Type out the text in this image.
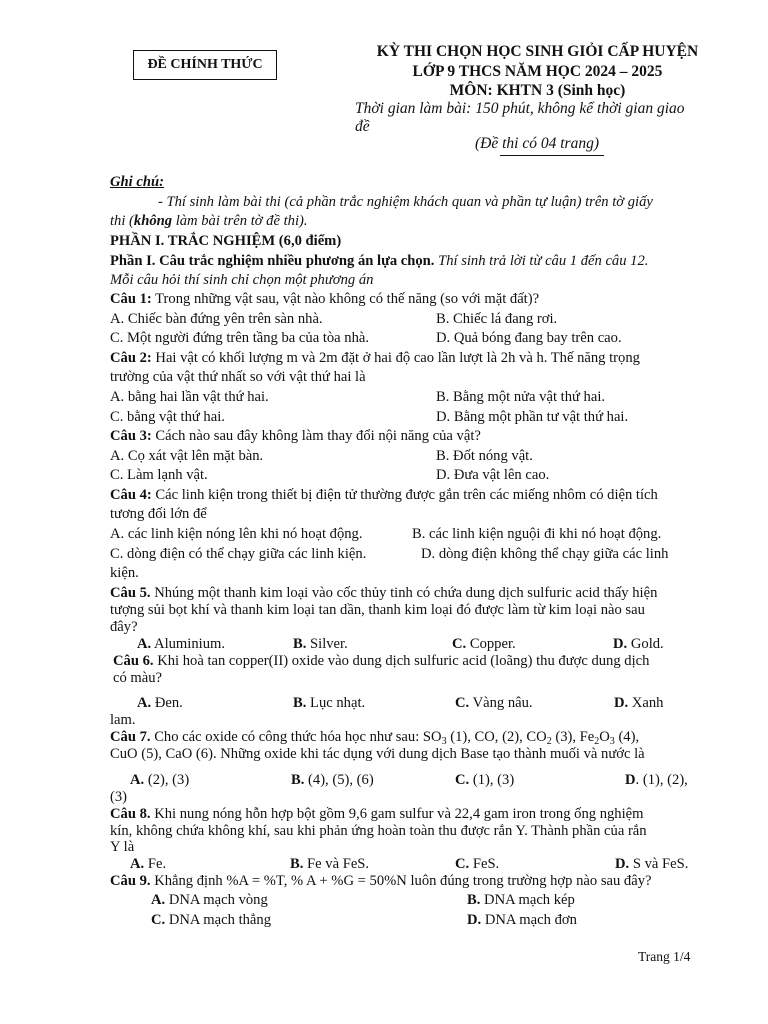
ĐỀ CHÍNH THỨC
KỲ THI CHỌN HỌC SINH GIỎI CẤP HUYỆN
LỚP 9 THCS NĂM HỌC 2024 – 2025
MÔN: KHTN 3 (Sinh học)
Thời gian làm bài: 150 phút, không kể thời gian giao
đề
(Đề thi có 04 trang)
Ghi chú:
- Thí sinh làm bài thi (cả phần trắc nghiệm khách quan và phần tự luận) trên tờ giấy
thi (không làm bài trên tờ đề thi).
PHẦN I. TRẮC NGHIỆM (6,0 điểm)
Phần I. Câu trắc nghiệm nhiều phương án lựa chọn. Thí sinh trả lời từ câu 1 đến câu 12.
Mỗi câu hỏi thí sinh chỉ chọn một phương án
Câu 1: Trong những vật sau, vật nào không có thế năng (so với mặt đất)?
A. Chiếc bàn đứng yên trên sàn nhà.	B. Chiếc lá đang rơi.
C. Một người đứng trên tầng ba của tòa nhà.	D. Quả bóng đang bay trên cao.
Câu 2: Hai vật có khối lượng m và 2m đặt ở hai độ cao lần lượt là 2h và h. Thế năng trọng
trường của vật thứ nhất so với vật thứ hai là
A. bằng hai lần vật thứ hai.	B. Bằng một nửa vật thứ hai.
C. bằng vật thứ hai.	D. Bằng một phần tư vật thứ hai.
Câu 3: Cách nào sau đây không làm thay đổi nội năng của vật?
A. Cọ xát vật lên mặt bàn.	B. Đốt nóng vật.
C. Làm lạnh vật.	D. Đưa vật lên cao.
Câu 4: Các linh kiện trong thiết bị điện tử thường được gắn trên các miếng nhôm có diện tích
tương đối lớn để
A. các linh kiện nóng lên khi nó hoạt động.	B. các linh kiện nguội đi khi nó hoạt động.
C. dòng điện có thể chạy giữa các linh kiện.	D. dòng điện không thể chạy giữa các linh
kiện.
Câu 5. Nhúng một thanh kim loại vào cốc thủy tinh có chứa dung dịch sulfuric acid thấy hiện
tượng sủi bọt khí và thanh kim loại tan dần, thanh kim loại đó được làm từ kim loại nào sau
đây?
A. Aluminium.	B. Silver.	C. Copper.	D. Gold.
Câu 6. Khi hoà tan copper(II) oxide vào dung dịch sulfuric acid (loãng) thu được dung dịch
có màu?
A. Đen.	B. Lục nhạt.	C. Vàng nâu.	D. Xanh
lam.
Câu 7. Cho các oxide có công thức hóa học như sau: $SO_3$ (1), CO, (2), $CO_2$ (3), $Fe_2O_3$ (4),
CuO (5), CaO (6). Những oxide khi tác dụng với dung dịch Base tạo thành muối và nước là
A. (2), (3)	B. (4), (5), (6)	C. (1), (3)	D. (1), (2),
(3)
Câu 8. Khi nung nóng hỗn hợp bột gồm 9,6 gam sulfur và 22,4 gam iron trong ống nghiệm
kín, không chứa không khí, sau khi phản ứng hoàn toàn thu được rắn Y. Thành phần của rắn
Y là
A. Fe.	B. Fe và FeS.	C. FeS.	D. S và FeS.
Câu 9. Khẳng định %A = %T, % A + %G = 50%N luôn đúng trong trường hợp nào sau đây?
A. DNA mạch vòng	B. DNA mạch kép
C. DNA mạch thẳng	D. DNA mạch đơn
Trang 1/4
